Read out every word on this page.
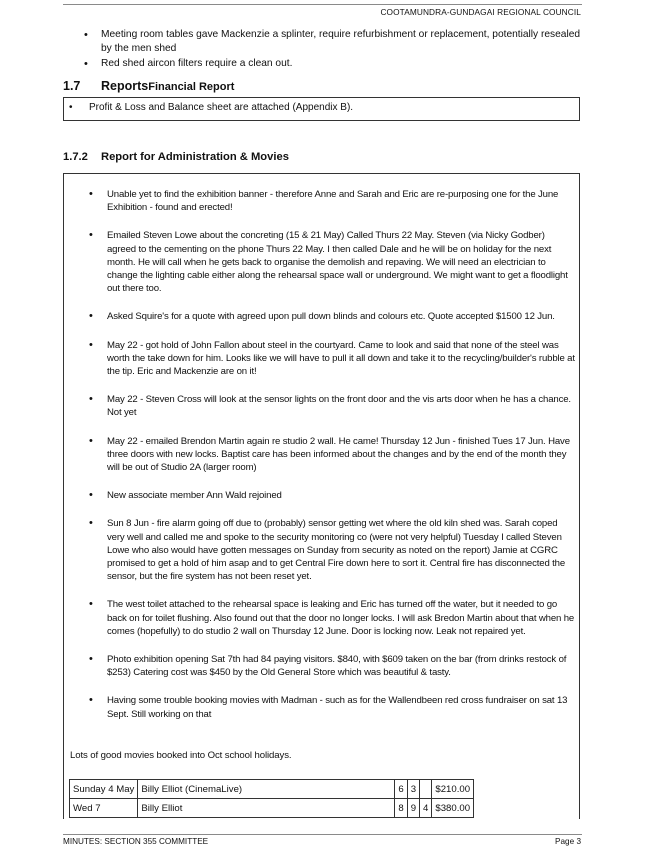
COOTAMUNDRA-GUNDAGAI REGIONAL COUNCIL
• Meeting room tables gave Mackenzie a splinter, require refurbishment or replacement, potentially resealed by the men shed
• Red shed aircon filters require a clean out.
1.7 ReportsFinancial Report
• Profit & Loss and Balance sheet are attached (Appendix B).
1.7.2 Report for Administration & Movies
• Unable yet to find the exhibition banner - therefore Anne and Sarah and Eric are re-purposing one for the June Exhibition - found and erected!
• Emailed Steven Lowe about the concreting (15 & 21 May) Called Thurs 22 May. Steven (via Nicky Godber) agreed to the cementing on the phone Thurs 22 May. I then called Dale and he will be on holiday for the next month. He will call when he gets back to organise the demolish and repaving. We will need an electrician to change the lighting cable either along the rehearsal space wall or underground. We might want to get a floodlight out there too.
• Asked Squire's for a quote with agreed upon pull down blinds and colours etc. Quote accepted $1500 12 Jun.
• May 22 - got hold of John Fallon about steel in the courtyard. Came to look and said that none of the steel was worth the take down for him. Looks like we will have to pull it all down and take it to the recycling/builder's rubble at the tip. Eric and Mackenzie are on it!
• May 22 - Steven Cross will look at the sensor lights on the front door and the vis arts door when he has a chance. Not yet
• May 22 - emailed Brendon Martin again re studio 2 wall. He came! Thursday 12 Jun - finished Tues 17 Jun. Have three doors with new locks. Baptist care has been informed about the changes and by the end of the month they will be out of Studio 2A (larger room)
• New associate member Ann Wald rejoined
• Sun 8 Jun - fire alarm going off due to (probably) sensor getting wet where the old kiln shed was. Sarah coped very well and called me and spoke to the security monitoring co (were not very helpful) Tuesday I called Steven Lowe who also would have gotten messages on Sunday from security as noted on the report) Jamie at CGRC promised to get a hold of him asap and to get Central Fire down here to sort it. Central fire has disconnected the sensor, but the fire system has not been reset yet.
• The west toilet attached to the rehearsal space is leaking and Eric has turned off the water, but it needed to go back on for toilet flushing. Also found out that the door no longer locks. I will ask Bredon Martin about that when he comes (hopefully) to do studio 2 wall on Thursday 12 June. Door is locking now. Leak not repaired yet.
• Photo exhibition opening Sat 7th had 84 paying visitors. $840, with $609 taken on the bar (from drinks restock of $253) Catering cost was $450 by the Old General Store which was beautiful & tasty.
• Having some trouble booking movies with Madman - such as for the Wallendbeen red cross fundraiser on sat 13 Sept. Still working on that
Lots of good movies booked into Oct school holidays.
Sunday 4 May	Billy Elliot (CinemaLive)	6	3		$210.00
Wed 7	Billy Elliot	8	9	4	$380.00
MINUTES: SECTION 355 COMMITTEE	Page 3
